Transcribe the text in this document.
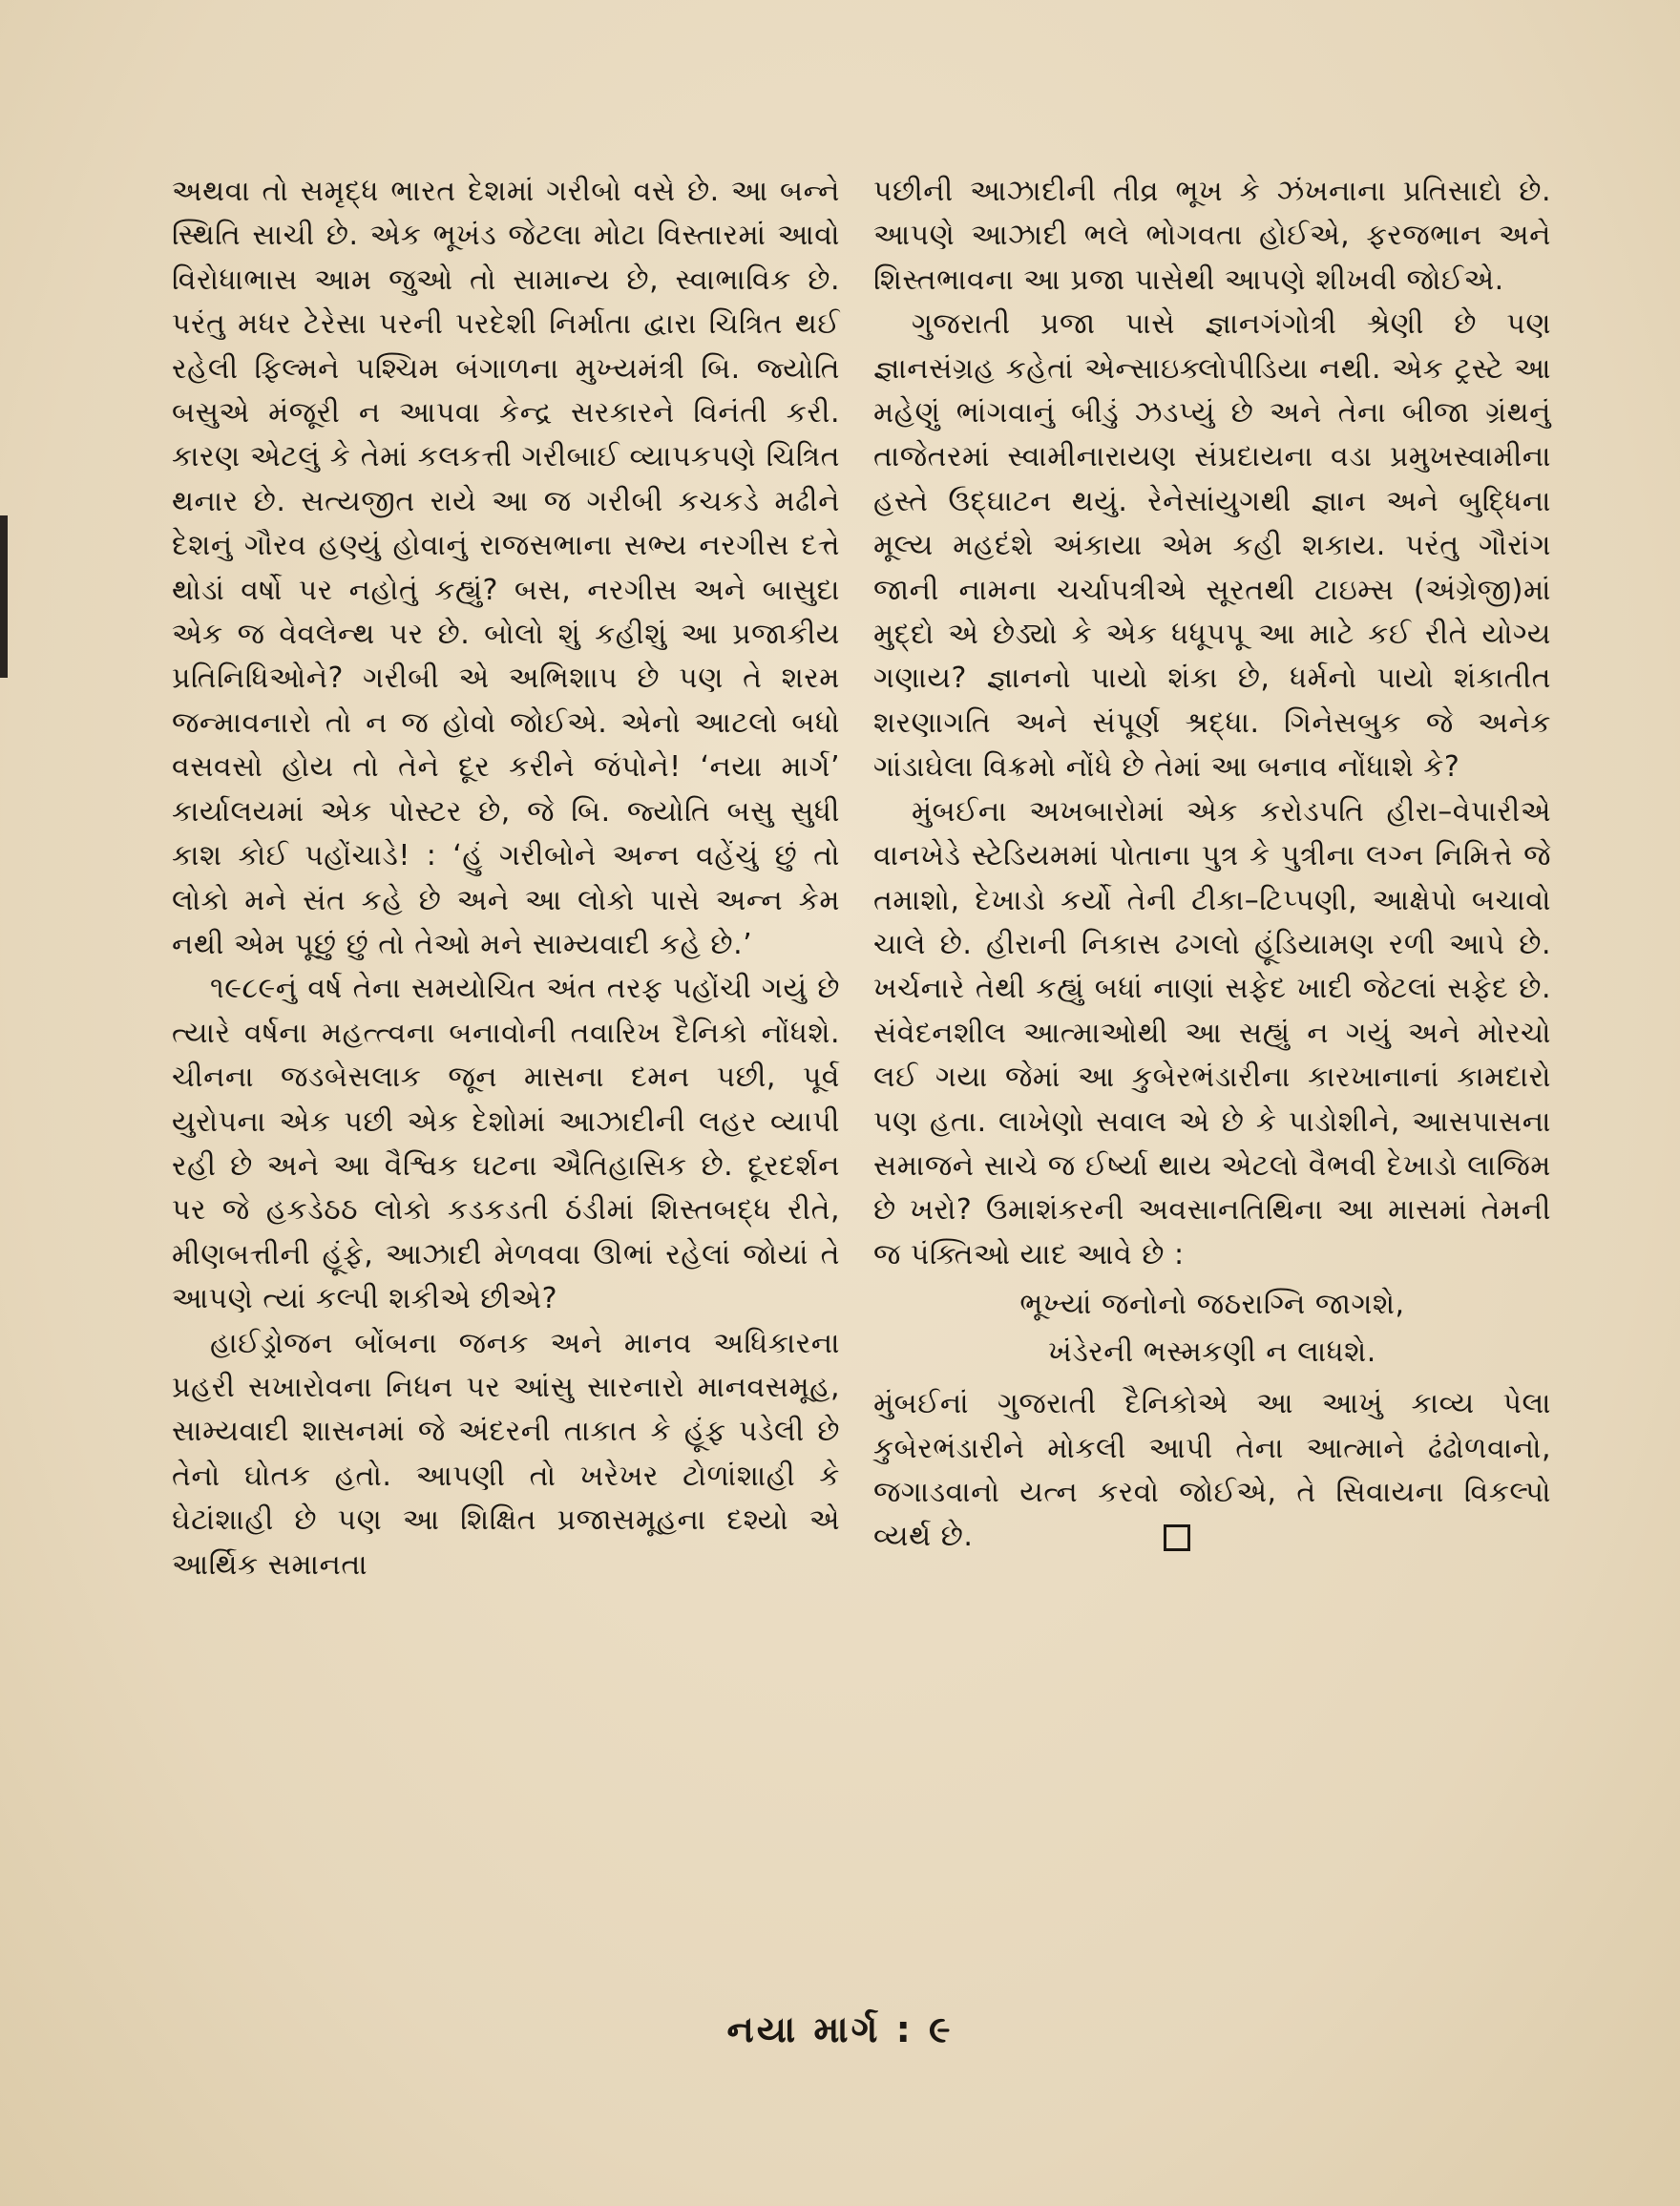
અથવા તો સમૃદ્ધ ભારત દેશમાં ગરીબો વસે છે. આ બન્ને સ્થિતિ સાચી છે. એક ભૂખંડ જેટલા મોટા વિસ્તારમાં આવો વિરોધાભાસ આમ જુઓ તો સામાન્ય છે, સ્વાભાવિક છે. પરંતુ મધર ટેરેસા પરની પરદેશી નિર્માતા દ્વારા ચિત્રિત થઈ રહેલી ફિલ્મને પશ્ચિમ બંગાળના મુખ્યમંત્રી બિ. જ્યોતિ બસુએ મંજૂરી ન આપવા કેન્દ્ર સરકારને વિનંતી કરી. કારણ એટલું કે તેમાં કલકત્તી ગરીબાઈ વ્યાપકપણે ચિત્રિત થનાર છે. સત્યજીત રાયે આ જ ગરીબી કચકડે મઢીને દેશનું ગૌરવ હણ્યું હોવાનું રાજસભાના સભ્ય નરગીસ દત્તે થોડાં વર્ષો પર નહોતું કહ્યું? બસ, નરગીસ અને બાસુદા એક જ વેવલેન્થ પર છે. બોલો શું કહીશું આ પ્રજાકીય પ્રતિનિધિઓને? ગરીબી એ અભિશાપ છે પણ તે શરમ જન્માવનારો તો ન જ હોવો જોઈએ. એનો આટલો બધો વસવસો હોય તો તેને દૂર કરીને જંપોને! ‘નયા માર્ગ’ કાર્યાલયમાં એક પોસ્ટર છે, જે બિ. જ્યોતિ બસુ સુધી કાશ કોઈ પહોંચાડે! : ‘હું ગરીબોને અન્ન વહેંચું છું તો લોકો મને સંત કહે છે અને આ લોકો પાસે અન્ન કેમ નથી એમ પૂછું છું તો તેઓ મને સામ્યવાદી કહે છે.’

૧૯૮૯નું વર્ષ તેના સમયોચિત અંત તરફ પહોંચી ગયું છે ત્યારે વર્ષના મહત્ત્વના બનાવોની તવારિખ દૈનિકો નોંધશે. ચીનના જડબેસલાક જૂન માસના દમન પછી, પૂર્વ યુરોપના એક પછી એક દેશોમાં આઝાદીની લહર વ્યાપી રહી છે અને આ વૈશ્વિક ઘટના ઐતિહાસિક છે. દૂરદર્શન પર જે હકડેઠઠ લોકો કડકડતી ઠંડીમાં શિસ્તબદ્ધ રીતે, મીણબત્તીની હૂંફે, આઝાદી મેળવવા ઊભાં રહેલાં જોયાં તે આપણે ત્યાં કલ્પી શકીએ છીએ?

હાઈડ્રોજન બોંબના જનક અને માનવ અધિકારના પ્રહરી સખારોવના નિધન પર આંસુ સારનારો માનવસમૂહ, સામ્યવાદી શાસનમાં જે અંદરની તાકાત કે હૂંફ પડેલી છે તેનો ઘોતક હતો. આપણી તો ખરેખર ટોળાંશાહી કે ઘેટાંશાહી છે પણ આ શિક્ષિત પ્રજાસમૂહના દશ્યો એ આર્થિક સમાનતા

પછીની આઝાદીની તીવ્ર ભૂખ કે ઝંખનાના પ્રતિસાદો છે. આપણે આઝાદી ભલે ભોગવતા હોઈએ, ફરજભાન અને શિસ્તભાવના આ પ્રજા પાસેથી આપણે શીખવી જોઈએ.

ગુજરાતી પ્રજા પાસે જ્ઞાનગંગોત્રી શ્રેણી છે પણ જ્ઞાનસંગ્રહ કહેતાં એન્સાઇક્લોપીડિયા નથી. એક ટ્રસ્ટે આ મહેણું ભાંગવાનું બીડું ઝડપ્યું છે અને તેના બીજા ગ્રંથનું તાજેતરમાં સ્વામીનારાયણ સંપ્રદાયના વડા પ્રમુખસ્વામીના હસ્તે ઉદ્ઘાટન થયું. રેનેસાંયુગથી જ્ઞાન અને બુદ્ધિના મૂલ્ય મહદંશે અંકાયા એમ કહી શકાય. પરંતુ ગૌરાંગ જાની નામના ચર્ચાપત્રીએ સૂરતથી ટાઇમ્સ (અંગ્રેજી)માં મુદ્દો એ છેડ્યો કે એક ધધૂપપૂ આ માટે કઈ રીતે યોગ્ય ગણાય? જ્ઞાનનો પાયો શંકા છે, ધર્મનો પાયો શંકાતીત શરણાગતિ અને સંપૂર્ણ શ્રદ્ધા. ગિનેસબુક જે અનેક ગાંડાઘેલા વિક્રમો નોંધે છે તેમાં આ બનાવ નોંધાશે કે?

મુંબઈના અખબારોમાં એક કરોડપતિ હીરા–વેપારીએ વાનખેડે સ્ટેડિયમમાં પોતાના પુત્ર કે પુત્રીના લગ્ન નિમિત્તે જે તમાશો, દેખાડો કર્યો તેની ટીકા–ટિપ્પણી, આક્ષેપો બચાવો ચાલે છે. હીરાની નિકાસ ઢગલો હૂંડિયામણ રળી આપે છે. ખર્ચનારે તેથી કહ્યું બધાં નાણાં સફેદ ખાદી જેટલાં સફેદ છે. સંવેદનશીલ આત્માઓથી આ સહ્યું ન ગયું અને મોરચો લઈ ગયા જેમાં આ કુબેરભંડારીના કારખાનાનાં કામદારો પણ હતા. લાખેણો સવાલ એ છે કે પાડોશીને, આસપાસના સમાજને સાચે જ ઈર્ષ્યા થાય એટલો વૈભવી દેખાડો લાજિમ છે ખરો? ઉમાશંકરની અવસાનતિથિના આ માસમાં તેમની જ પંક્તિઓ યાદ આવે છે :

ભૂખ્યાં જનોનો જઠરાગ્નિ જાગશે,
ખંડેરની ભસ્મકણી ન લાધશે.

મુંબઈનાં ગુજરાતી દૈનિકોએ આ આખું કાવ્ય પેલા કુબેરભંડારીને મોકલી આપી તેના આત્માને ઢંઢોળવાનો, જગાડવાનો યત્ન કરવો જોઈએ, તે સિવાયના વિકલ્પો વ્યર્થ છે.

નયા માર્ગ : ૯
